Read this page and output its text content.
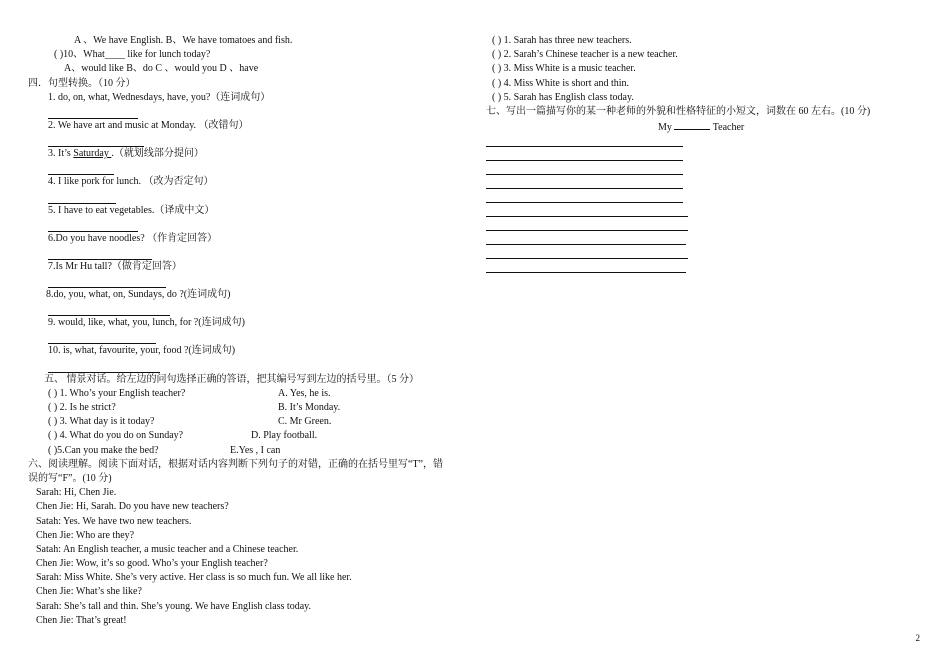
A 、We have English. B、We have tomatoes and fish.
( )10、What____ like for lunch today?
A、would like B、do C 、would you D 、have
四．句型转换。（10 分）
1. do, on, what, Wednesdays, have, you?（连词成句）
2. We have art and music at Monday. （改错句）
3. It’s Saturday .（就划线部分提问）
4. I like pork for lunch. （改为否定句）
5. I have to eat vegetables.（译成中文）
6.Do you have noodles? （作肯定回答）
7.Is Mr Hu tall?（做肯定回答）
8.do, you, what, on, Sundays, do ?(连词成句)
9. would, like, what, you, lunch, for ?(连词成句)
10. is, what, favourite, your, food ?(连词成句)
五、 情景对话。给左边的问句选择正确的答语，把其编号写到左边的括号里。（5 分）
( ) 1. Who’s your English teacher?	A. Yes, he is.
( ) 2. Is he strict?	B. It’s Monday.
( ) 3. What day is it today?	C. Mr Green.
( ) 4. What do you do on Sunday?	D. Play football.
( )5.Can you make the bed?	E.Yes , I can
六、阅读理解。阅读下面对话，根据对话内容判断下列句子的对错，正确的在括号里写“T”，错
误的写“F”。(10 分)
Sarah: Hi, Chen Jie.
Chen Jie: Hi, Sarah. Do you have new teachers?
Satah: Yes. We have two new teachers.
Chen Jie: Who are they?
Satah: An English teacher, a music teacher and a Chinese teacher.
Chen Jie: Wow, it’s so good. Who’s your English teacher?
Sarah: Miss White. She’s very active. Her class is so much fun. We all like her.
Chen Jie: What’s she like?
Sarah: She’s tall and thin. She’s young. We have English class today.
Chen Jie: That’s great!
( ) 1. Sarah has three new teachers.
( ) 2. Sarah’s Chinese teacher is a new teacher.
( ) 3. Miss White is a music teacher.
( ) 4. Miss White is short and thin.
( ) 5. Sarah has English class today.
七、写出一篇描写你的某一种老师的外貌和性格特征的小短文，词数在 60 左右。(10 分)
My	Teacher
2
